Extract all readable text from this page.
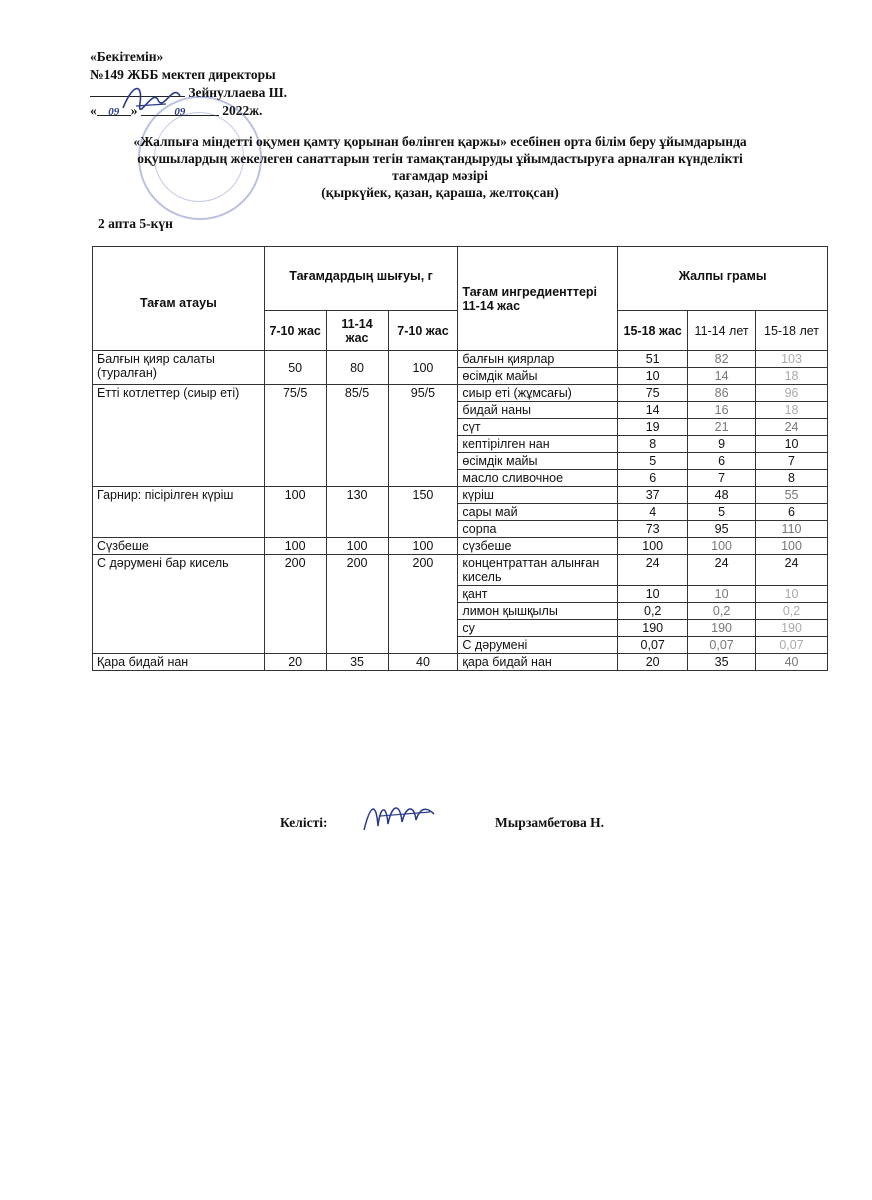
«Бекітемін»
№149 ЖББ мектеп директоры
Зейнуллаева Ш.
« 09 »	09	2022ж.
«Жалпыға міндетті оқумен қамту қорынан бөлінген қаржы» есебінен орта білім беру ұйымдарында
оқушылардың жекелеген санаттарын тегін тамақтандыруды ұйымдастыруға арналған күнделікті
тағамдар мәзірі
(қыркүйек, қазан, қараша, желтоқсан)
2 апта 5-күн
Тағам атауы	Тағамдардың шығуы, г			Тағам ингредиенттері 11-14 жас	Жалпы грамы		
	7-10 жас	11-14 жас	7-10 жас		15-18 жас	11-14 лет	15-18 лет
Балғын қияр салаты (туралған)	50	80	100	балғын қиярлар	51	82	103
				өсімдік майы	10	14	18
Етті котлеттер (сиыр еті)	75/5	85/5	95/5	сиыр еті (жұмсағы)	75	86	96
				бидай наны	14	16	18
				сүт	19	21	24
				кептірілген нан	8	9	10
				өсімдік майы	5	6	7
				масло сливочное	6	7	8
Гарнир: пісірілген күріш	100	130	150	күріш	37	48	55
				сары май	4	5	6
				сорпа	73	95	110
Сүзбеше	100	100	100	сүзбеше	100	100	100
С дәрумені бар кисель	200	200	200	концентраттан алынған кисель	24	24	24
				қант	10	10	10
				лимон қышқылы	0,2	0,2	0,2
				су	190	190	190
				С дәрумені	0,07	0,07	0,07
Қара бидай нан	20	35	40	қара бидай нан	20	35	40
Келісті:	Мырзамбетова Н.
